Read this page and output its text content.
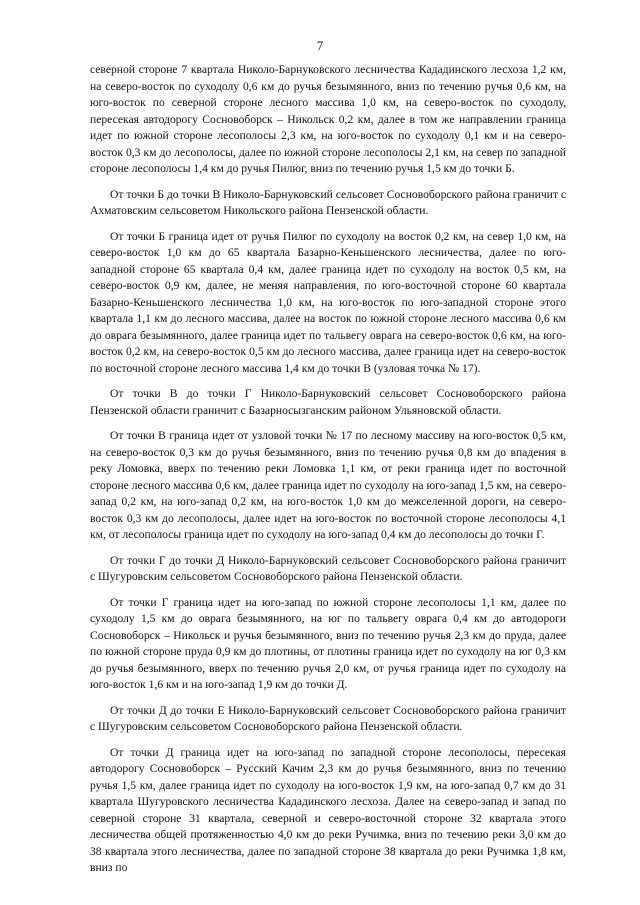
7

северной стороне 7 квартала Николо-Барнуковского лесничества Кададинского лесхоза 1,2 км, на северо-восток по суходолу 0,6 км до ручья безымянного, вниз по течению ручья 0,6 км, на юго-восток по северной стороне лесного массива 1,0 км, на северо-восток по суходолу, пересекая автодорогу Сосновоборск – Никольск 0,2 км, далее в том же направлении граница идет по южной стороне лесополосы 2,3 км, на юго-восток по суходолу 0,1 км и на северо-восток 0,3 км до лесополосы, далее по южной стороне лесополосы 2,1 км, на север по западной стороне лесополосы 1,4 км до ручья Пилюг, вниз по течению ручья 1,5 км до точки Б.

От точки Б до точки В Николо-Барнуковский сельсовет Сосновоборского района граничит с Ахматовским сельсоветом Никольского района Пензенской области.

От точки Б граница идет от ручья Пилюг по суходолу на восток 0,2 км, на север 1,0 км, на северо-восток 1,0 км до 65 квартала Базарно-Кеньшенского лесничества, далее по юго-западной стороне 65 квартала 0,4 км, далее граница идет по суходолу на восток 0,5 км, на северо-восток 0,9 км, далее, не меняя направления, по юго-восточной стороне 60 квартала Базарно-Кеньшенского лесничества 1,0 км, на юго-восток по юго-западной стороне этого квартала 1,1 км до лесного массива, далее на восток по южной стороне лесного массива 0,6 км до оврага безымянного, далее граница идет по тальвегу оврага на северо-восток 0,6 км, на юго-восток 0,2 км, на северо-восток 0,5 км до лесного массива, далее граница идет на северо-восток по восточной стороне лесного массива 1,4 км до точки В (узловая точка № 17).

От точки В до точки Г Николо-Барнуковский сельсовет Сосновоборского района Пензенской области граничит с Базарносызганским районом Ульяновской области.

От точки В граница идет от узловой точки № 17 по лесному массиву на юго-восток 0,5 км, на северо-восток 0,3 км до ручья безымянного, вниз по течению ручья 0,8 км до впадения в реку Ломовка, вверх по течению реки Ломовка 1,1 км, от реки граница идет по восточной стороне лесного массива 0,6 км, далее граница идет по суходолу на юго-запад 1,5 км, на северо-запад 0,2 км, на юго-запад 0,2 км, на юго-восток 1,0 км до межселенной дороги, на северо-восток 0,3 км до лесополосы, далее идет на юго-восток по восточной стороне лесополосы 4,1 км, от лесополосы граница идет по суходолу на юго-запад 0,4 км до лесополосы до точки Г.

От точки Г до точки Д Николо-Барнуковский сельсовет Сосновоборского района граничит с Шугуровским сельсоветом Сосновоборского района Пензенской области.

От точки Г граница идет на юго-запад по южной стороне лесополосы 1,1 км, далее по суходолу 1,5 км до оврага безымянного, на юг по тальвегу оврага 0,4 км до автодороги Сосновоборск – Никольск и ручья безымянного, вниз по течению ручья 2,3 км до пруда, далее по южной стороне пруда 0,9 км до плотины, от плотины граница идет по суходолу на юг 0,3 км до ручья безымянного, вверх по течению ручья 2,0 км, от ручья граница идет по суходолу на юго-восток 1,6 км и на юго-запад 1,9 км до точки Д.

От точки Д до точки Е Николо-Барнуковский сельсовет Сосновоборского района граничит с Шугуровским сельсоветом Сосновоборского района Пензенской области.

От точки Д граница идет на юго-запад по западной стороне лесополосы, пересекая автодорогу Сосновоборск – Русский Качим 2,3 км до ручья безымянного, вниз по течению ручья 1,5 км, далее граница идет по суходолу на юго-восток 1,9 км, на юго-запад 0,7 км до 31 квартала Шугуровского лесничества Кададинского лесхоза. Далее на северо-запад и запад по северной стороне 31 квартала, северной и северо-восточной стороне 32 квартала этого лесничества общей протяженностью 4,0 км до реки Ручимка, вниз по течению реки 3,0 км до 38 квартала этого лесничества, далее по западной стороне 38 квартала до реки Ручимка 1,8 км, вниз по
